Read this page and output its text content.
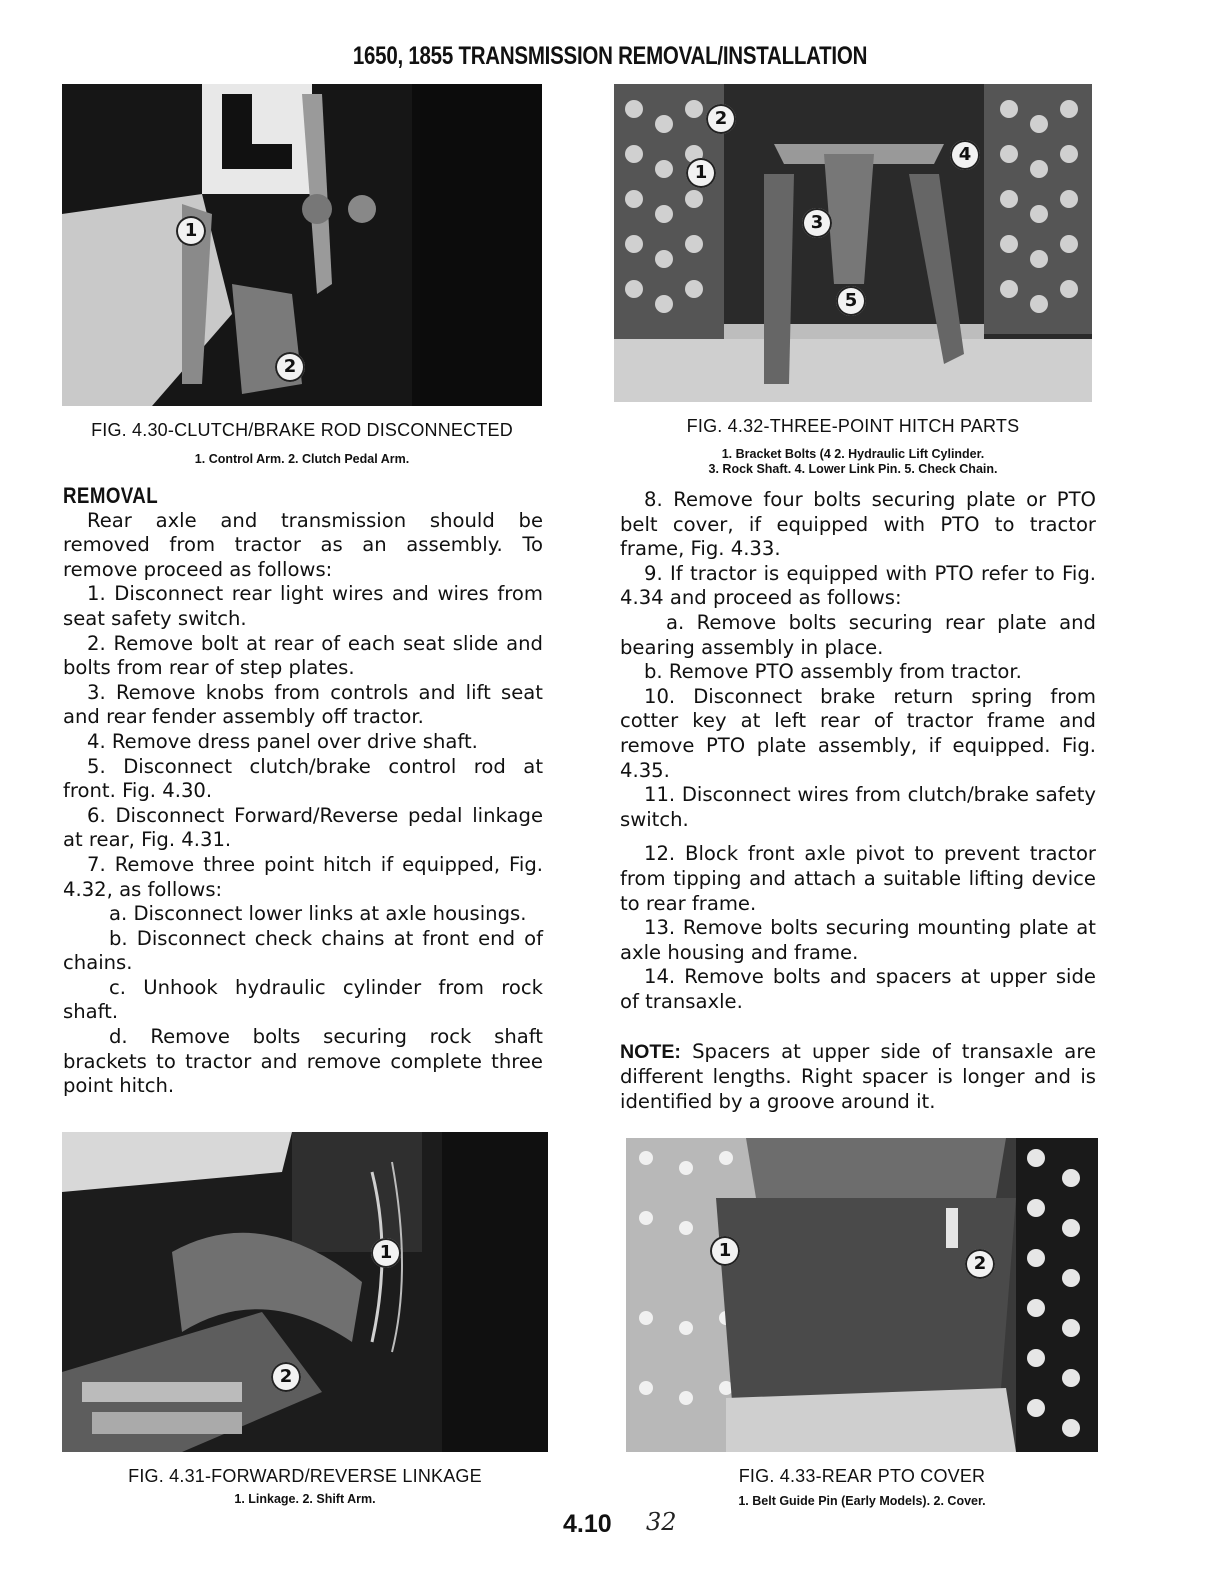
1650, 1855 TRANSMISSION REMOVAL/INSTALLATION
1
2
FIG. 4.30-CLUTCH/BRAKE ROD DISCONNECTED
1. Control Arm. 2. Clutch Pedal Arm.
2
4
1
3
5
FIG. 4.32-THREE-POINT HITCH PARTS
1. Bracket Bolts (4 2. Hydraulic Lift Cylinder.
3. Rock Shaft. 4. Lower Link Pin. 5. Check Chain.

REMOVAL

Rear axle and transmission should be removed from tractor as an assembly. To remove proceed as follows:

1. Disconnect rear light wires and wires from seat safety switch.

2. Remove bolt at rear of each seat slide and bolts from rear of step plates.

3. Remove knobs from controls and lift seat and rear fender assembly off tractor.

4. Remove dress panel over drive shaft.

5. Disconnect clutch/brake control rod at front. Fig. 4.30.

6. Disconnect Forward/Reverse pedal linkage at rear, Fig. 4.31.

7. Remove three point hitch if equipped, Fig. 4.32, as follows:

a. Disconnect lower links at axle housings.

b. Disconnect check chains at front end of chains.

c. Unhook hydraulic cylinder from rock shaft.

d. Remove bolts securing rock shaft brackets to tractor and remove complete three point hitch.

8. Remove four bolts securing plate or PTO belt cover, if equipped with PTO to tractor frame, Fig. 4.33.

9. If tractor is equipped with PTO refer to Fig. 4.34 and proceed as follows:

a. Remove bolts securing rear plate and bearing assembly in place.

b. Remove PTO assembly from tractor.

10. Disconnect brake return spring from cotter key at left rear of tractor frame and remove PTO plate assembly, if equipped. Fig. 4.35.

11. Disconnect wires from clutch/brake safety switch.

12. Block front axle pivot to prevent tractor from tipping and attach a suitable lifting device to rear frame.

13. Remove bolts securing mounting plate at axle housing and frame.

14. Remove bolts and spacers at upper side of transaxle.

NOTE: Spacers at upper side of transaxle are different lengths. Right spacer is longer and is identified by a groove around it.

1
2
FIG. 4.31-FORWARD/REVERSE LINKAGE
1. Linkage. 2. Shift Arm.
1
2
FIG. 4.33-REAR PTO COVER
1. Belt Guide Pin (Early Models). 2. Cover.
4.10 32
